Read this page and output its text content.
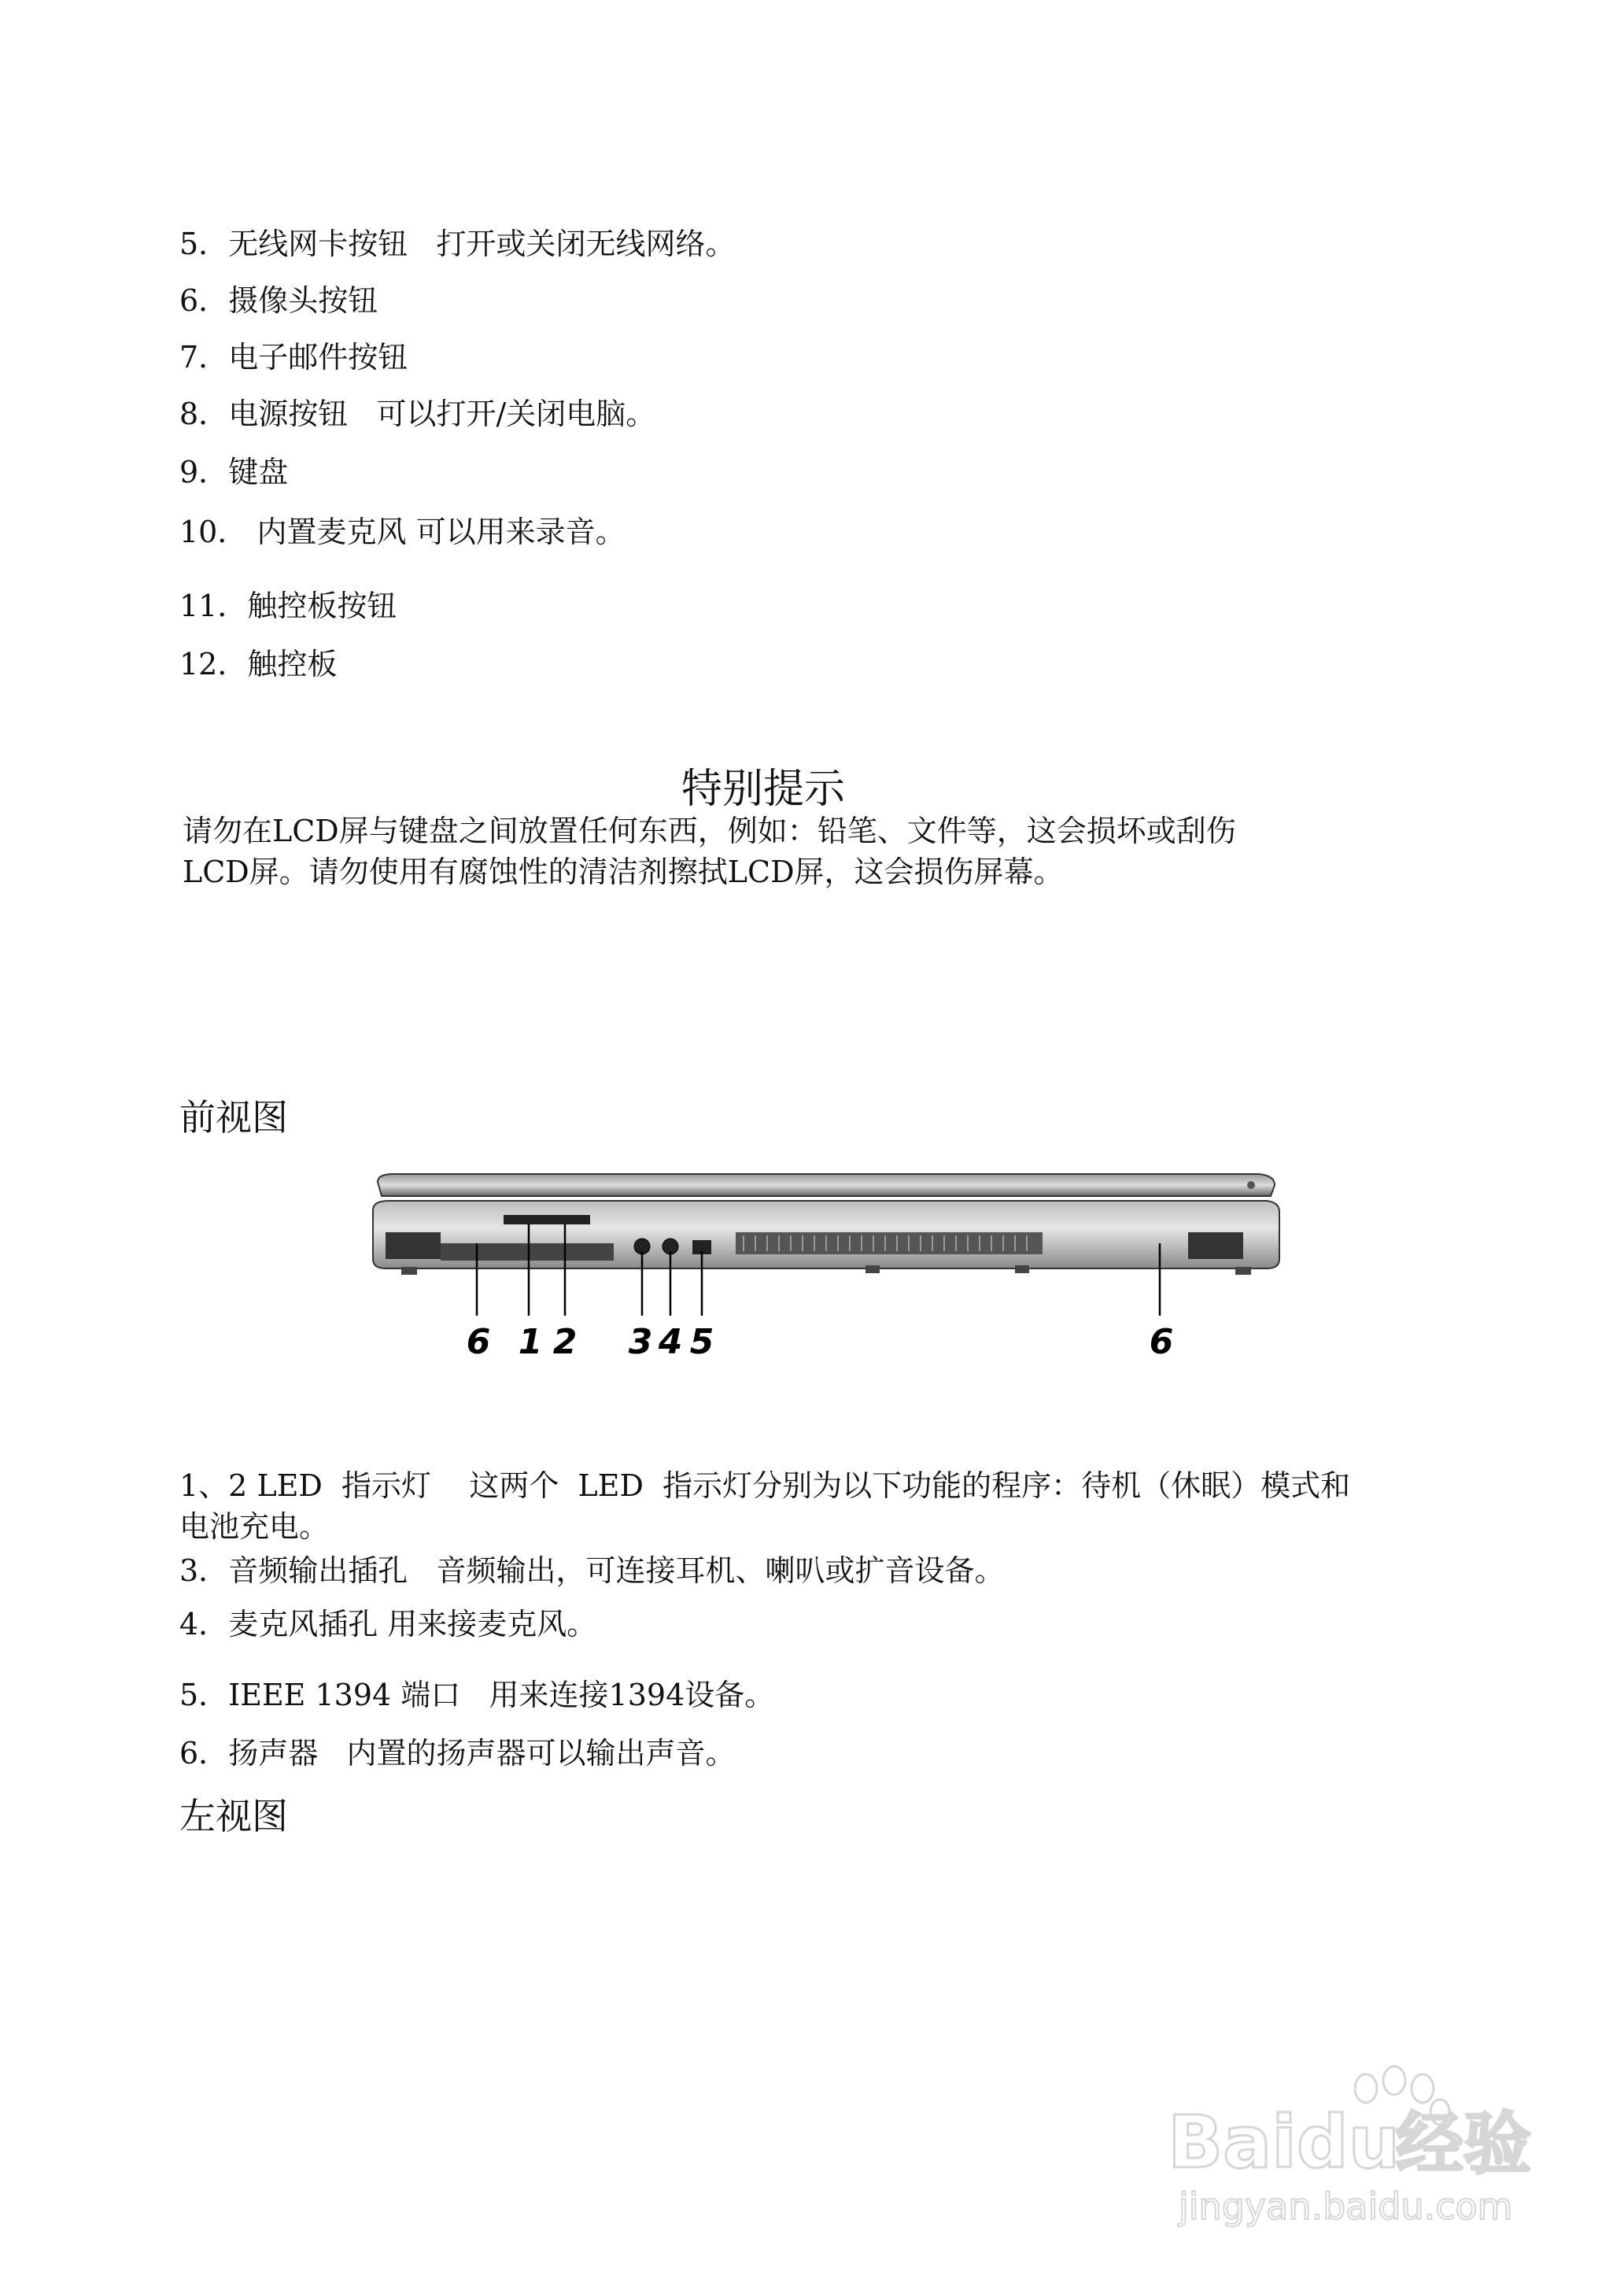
5．无线网卡按钮 打开或关闭无线网络。
6．摄像头按钮
7．电子邮件按钮
8．电源按钮 可以打开/关闭电脑。
9．键盘
10． 内置麦克风 可以用来录音。
11．触控板按钮
12．触控板
特别提示
请勿在LCD屏与键盘之间放置任何东西，例如：铅笔、文件等，这会损坏或刮伤
LCD屏。请勿使用有腐蚀性的清洁剂擦拭LCD屏，这会损伤屏幕。
前视图
6 1 2 3 4 5	6
1、2 LED  指示灯 这两个  LED  指示灯分别为以下功能的程序：待机（休眠）模式和
电池充电。
3．音频输出插孔 音频输出，可连接耳机、喇叭或扩音设备。
4．麦克风插孔 用来接麦克风。
5．IEEE 1394 端口 用来连接1394设备。
6．扬声器 内置的扬声器可以输出声音。
左视图
Baidu
经验
jingyan.baidu.com
